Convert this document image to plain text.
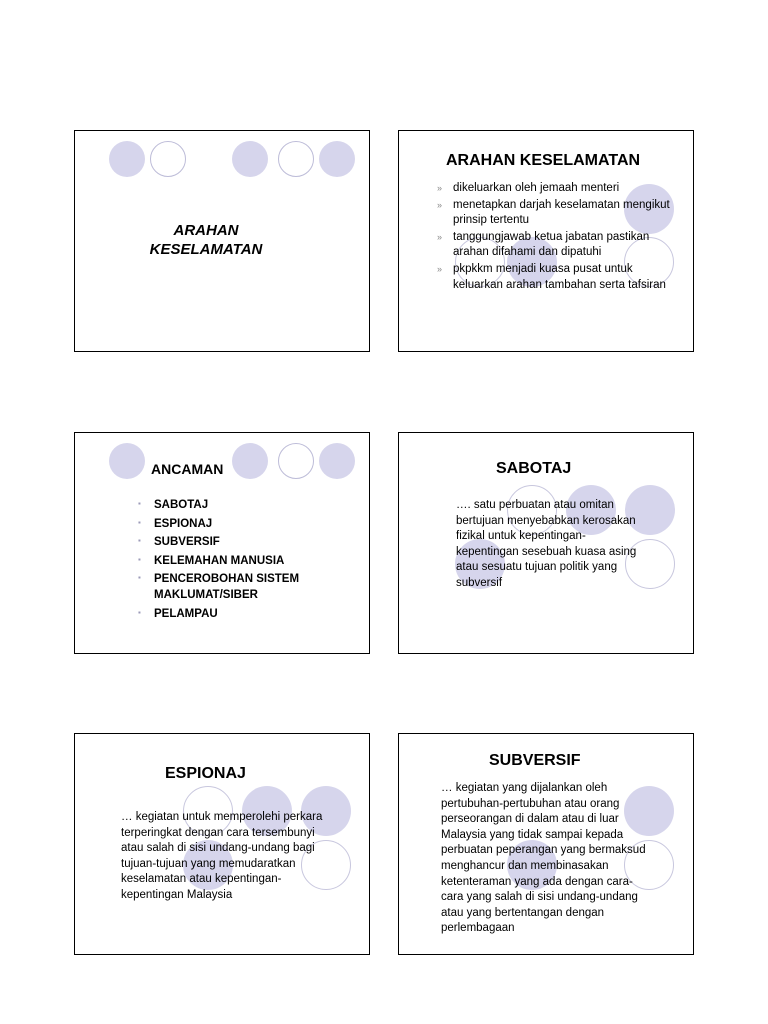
ARAHAN KESELAMATAN
ARAHAN KESELAMATAN
» dikeluarkan oleh jemaah menteri
» menetapkan darjah keselamatan mengikut prinsip tertentu
» tanggungjawab ketua jabatan pastikan arahan difahami dan dipatuhi
» pkpkkm menjadi kuasa pusat untuk keluarkan arahan tambahan serta tafsiran
ANCAMAN
▪ SABOTAJ
▪ ESPIONAJ
▪ SUBVERSIF
▪ KELEMAHAN MANUSIA
▪ PENCEROBOHAN SISTEM MAKLUMAT/SIBER
▪ PELAMPAU
SABOTAJ
…. satu perbuatan atau omitan bertujuan menyebabkan kerosakan fizikal untuk kepentingan-kepentingan sesebuah kuasa asing atau sesuatu tujuan politik yang subversif
ESPIONAJ
… kegiatan untuk memperolehi perkara terperingkat dengan cara tersembunyi atau salah di sisi undang-undang bagi tujuan-tujuan yang memudaratkan keselamatan atau kepentingan-kepentingan Malaysia
SUBVERSIF
… kegiatan yang dijalankan oleh pertubuhan-pertubuhan atau orang perseorangan di dalam atau di luar Malaysia yang tidak sampai kepada perbuatan peperangan yang bermaksud menghancur dan membinasakan ketenteraman yang ada dengan cara-cara yang salah di sisi undang-undang atau yang bertentangan dengan perlembagaan
